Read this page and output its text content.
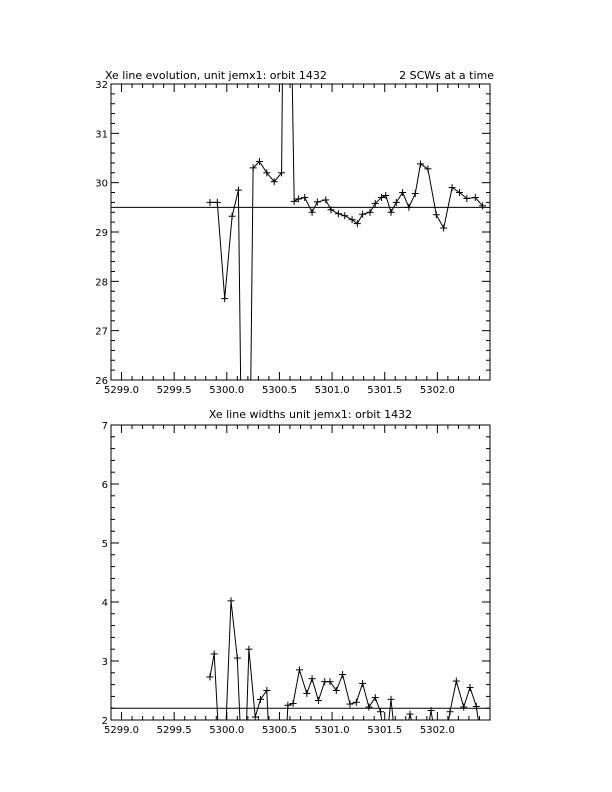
5299.0 5299.5 5300.0 5300.5 5301.0 5301.5 5302.0
26
27
28
29
30
31
32
Xe line evolution, unit jemx1: orbit 1432	2 SCWs at a time
5299.0 5299.5 5300.0 5300.5 5301.0 5301.5 5302.0
2
3
4
5
6
7
Xe line widths unit jemx1: orbit 1432
